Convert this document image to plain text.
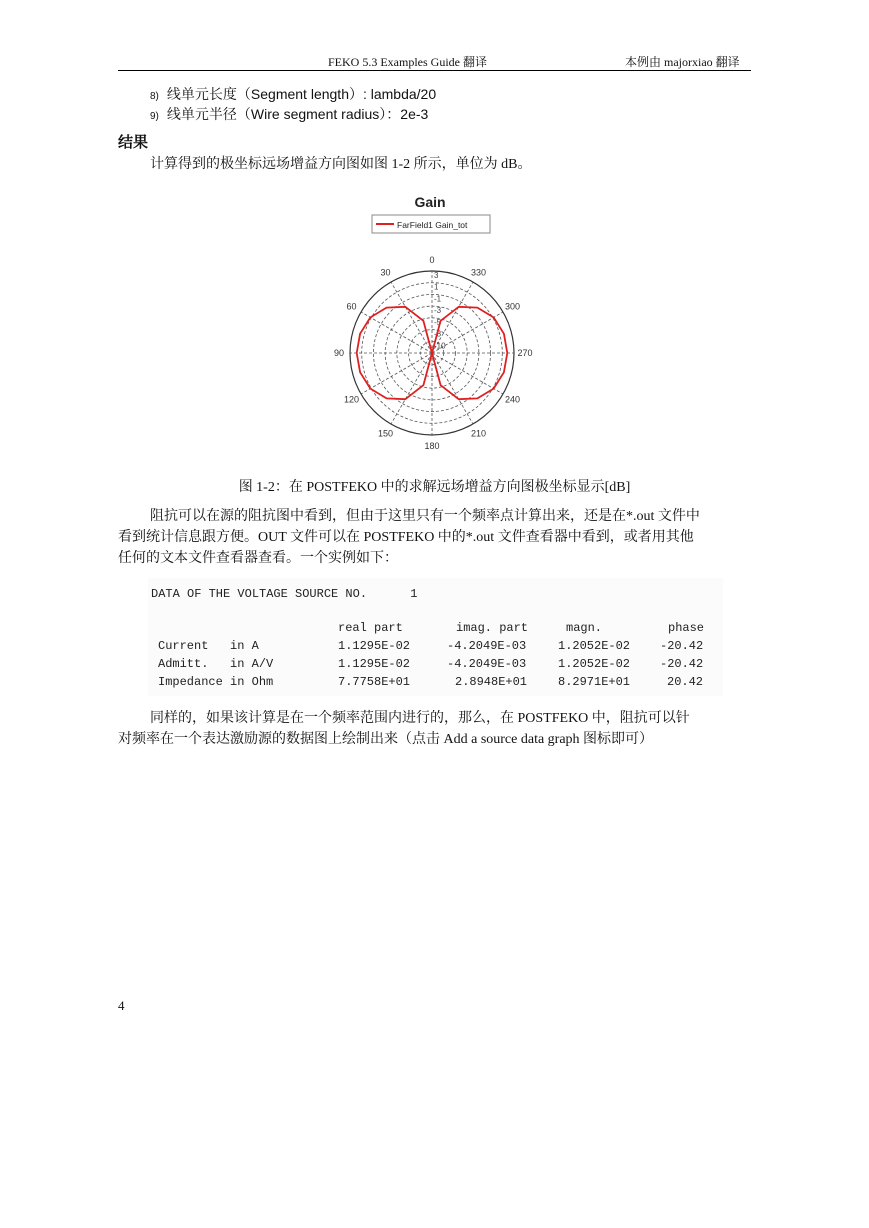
FEKO 5.3 Examples Guide 翻译	本例由 majorxiao 翻译
8) 线单元长度（Segment length）: lambda/20
9) 线单元半径（Wire segment radius）：2e-3
结果
计算得到的极坐标远场增益方向图如图 1-2 所示，单位为 dB。
Gain
FarField1 Gain_tot
0
30
60
90
120
150
180
210
240
270
300
330
3
1
-1
-3
-5
-8
-10
图 1-2：在 POSTFEKO 中的求解远场增益方向图极坐标显示[dB]
阻抗可以在源的阻抗图中看到，但由于这里只有一个频率点计算出来，还是在*.out 文件中
看到统计信息跟方便。OUT 文件可以在 POSTFEKO 中的*.out 文件查看器中看到，或者用其他
任何的文本文件查看器查看。一个实例如下：
DATA OF THE VOLTAGE SOURCE NO.      1
real part	imag. part	magn.	phase
Current   in A	1.1295E-02	-4.2049E-03	1.2052E-02 -20.42
Admitt.   in A/V	1.1295E-02	-4.2049E-03	1.2052E-02 -20.42
Impedance in Ohm	7.7758E+01	2.8948E+01	8.2971E+01	20.42
同样的，如果该计算是在一个频率范围内进行的，那么，在 POSTFEKO 中，阻抗可以针
对频率在一个表达激励源的数据图上绘制出来（点击 Add a source data graph 图标即可）
4
